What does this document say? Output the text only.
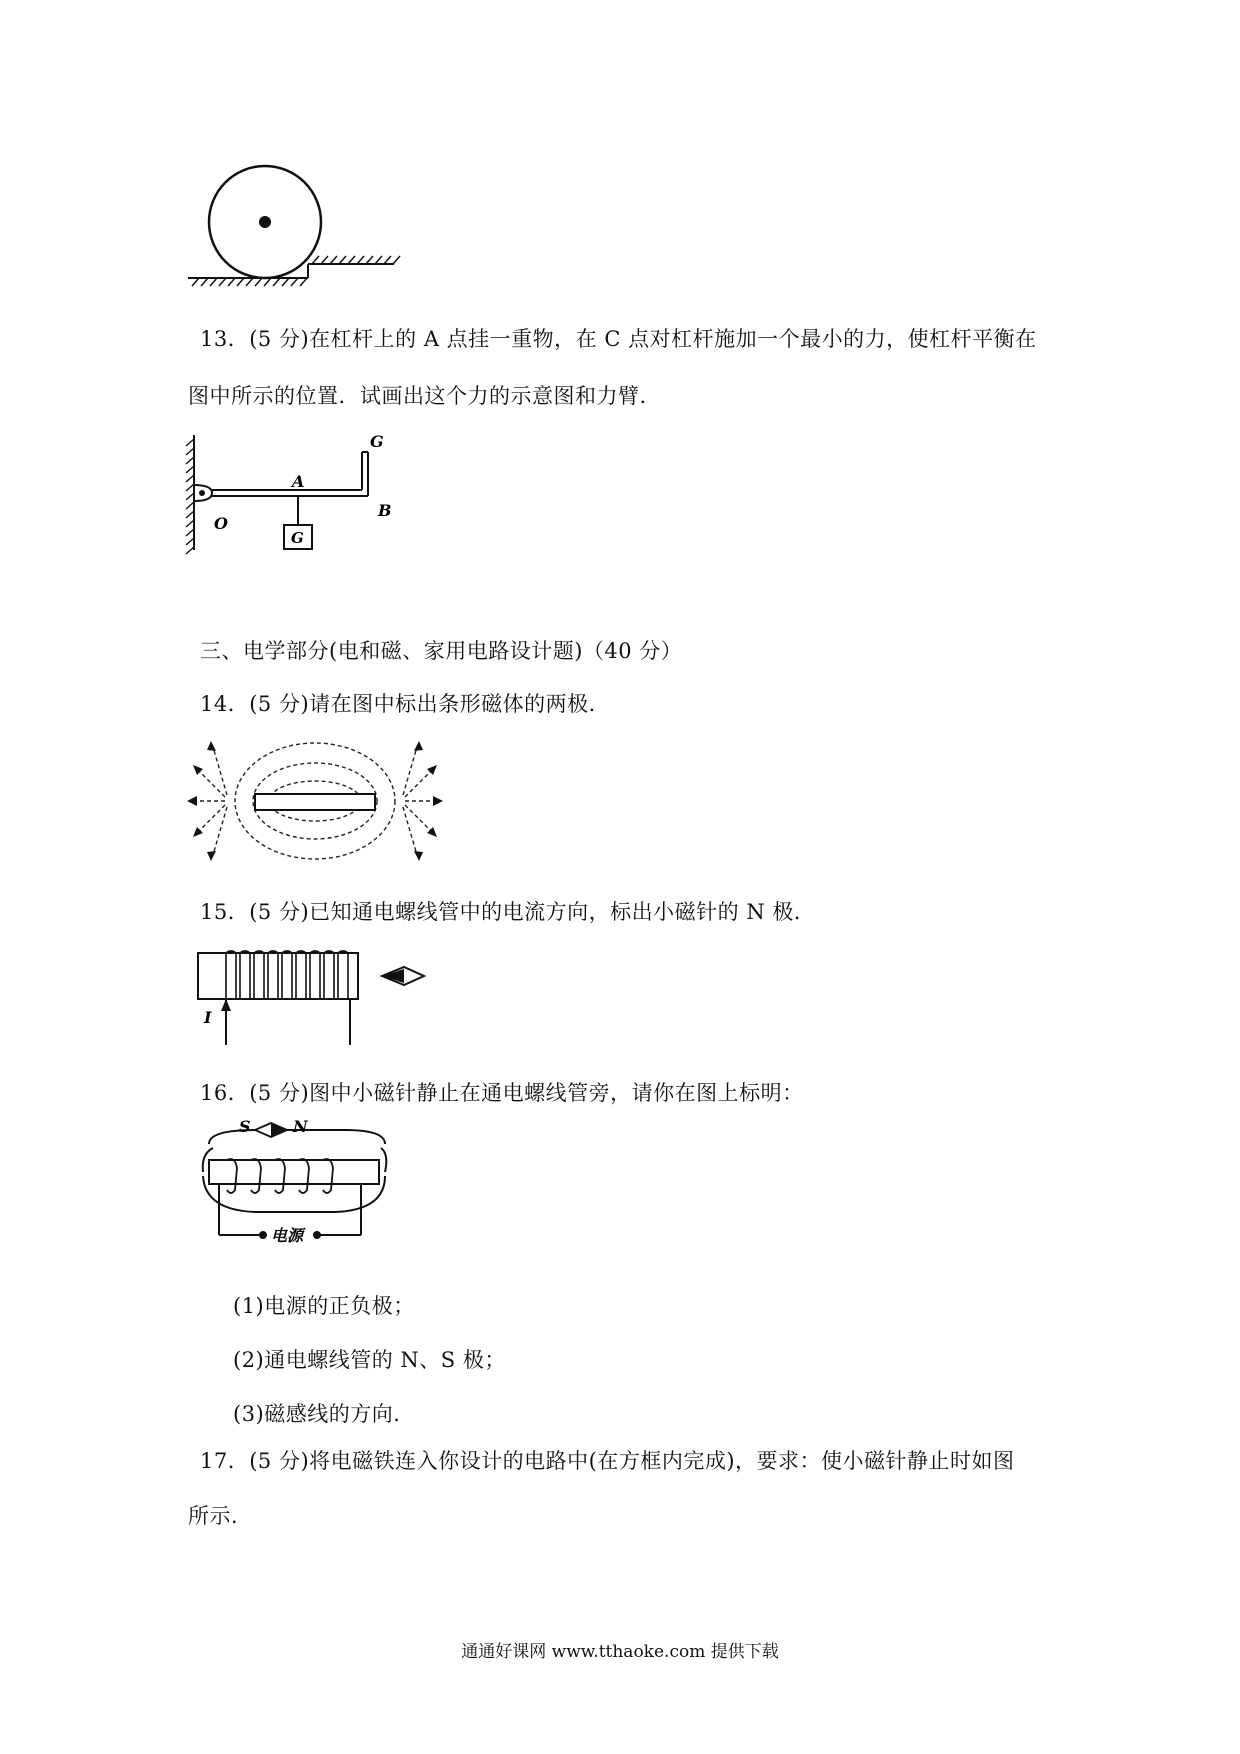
13．(5 分)在杠杆上的 A 点挂一重物，在 C 点对杠杆施加一个最小的力，使杠杆平衡在
图中所示的位置．试画出这个力的示意图和力臂．
O
A
B
G
G
三、电学部分(电和磁、家用电路设计题)（40 分）
14．(5 分)请在图中标出条形磁体的两极．
15．(5 分)已知通电螺线管中的电流方向，标出小磁针的 N 极．
I
16．(5 分)图中小磁针静止在通电螺线管旁，请你在图上标明：
电源
S	N
(1)电源的正负极；
(2)通电螺线管的 N、S 极；
(3)磁感线的方向．
17．(5 分)将电磁铁连入你设计的电路中(在方框内完成)，要求：使小磁针静止时如图
所示．
通通好课网 www.tthaoke.com 提供下载
